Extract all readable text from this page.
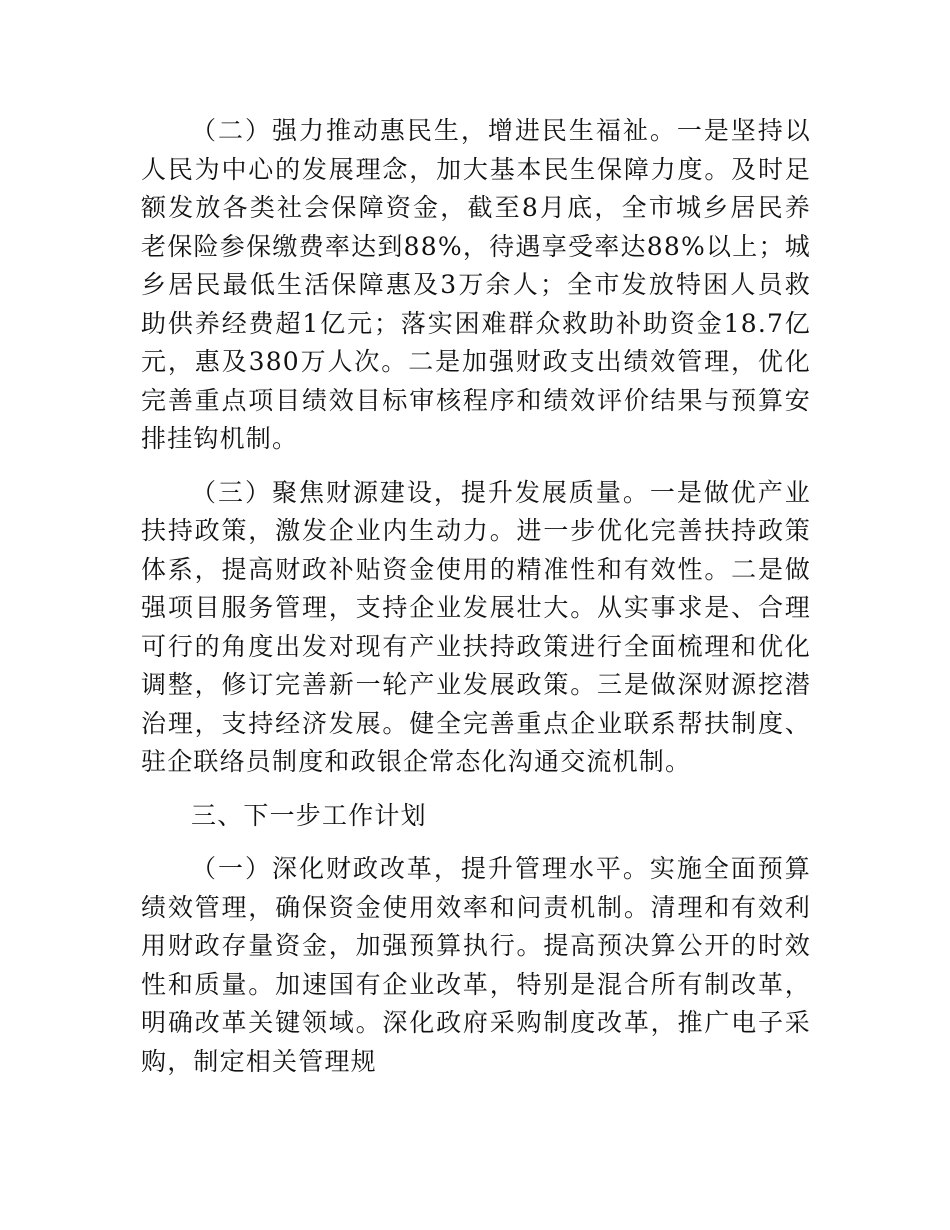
（二）强力推动惠民生，增进民生福祉。一是坚持以人民为中心的发展理念，加大基本民生保障力度。及时足额发放各类社会保障资金，截至8月底，全市城乡居民养老保险参保缴费率达到88%，待遇享受率达88%以上；城乡居民最低生活保障惠及3万余人；全市发放特困人员救助供养经费超1亿元；落实困难群众救助补助资金18.7亿元，惠及380万人次。二是加强财政支出绩效管理，优化完善重点项目绩效目标审核程序和绩效评价结果与预算安排挂钩机制。

（三）聚焦财源建设，提升发展质量。一是做优产业扶持政策，激发企业内生动力。进一步优化完善扶持政策体系，提高财政补贴资金使用的精准性和有效性。二是做强项目服务管理，支持企业发展壮大。从实事求是、合理可行的角度出发对现有产业扶持政策进行全面梳理和优化调整，修订完善新一轮产业发展政策。三是做深财源挖潜治理，支持经济发展。健全完善重点企业联系帮扶制度、驻企联络员制度和政银企常态化沟通交流机制。

三、下一步工作计划

（一）深化财政改革，提升管理水平。实施全面预算绩效管理，确保资金使用效率和问责机制。清理和有效利用财政存量资金，加强预算执行。提高预决算公开的时效性和质量。加速国有企业改革，特别是混合所有制改革，明确改革关键领域。深化政府采购制度改革，推广电子采购，制定相关管理规
